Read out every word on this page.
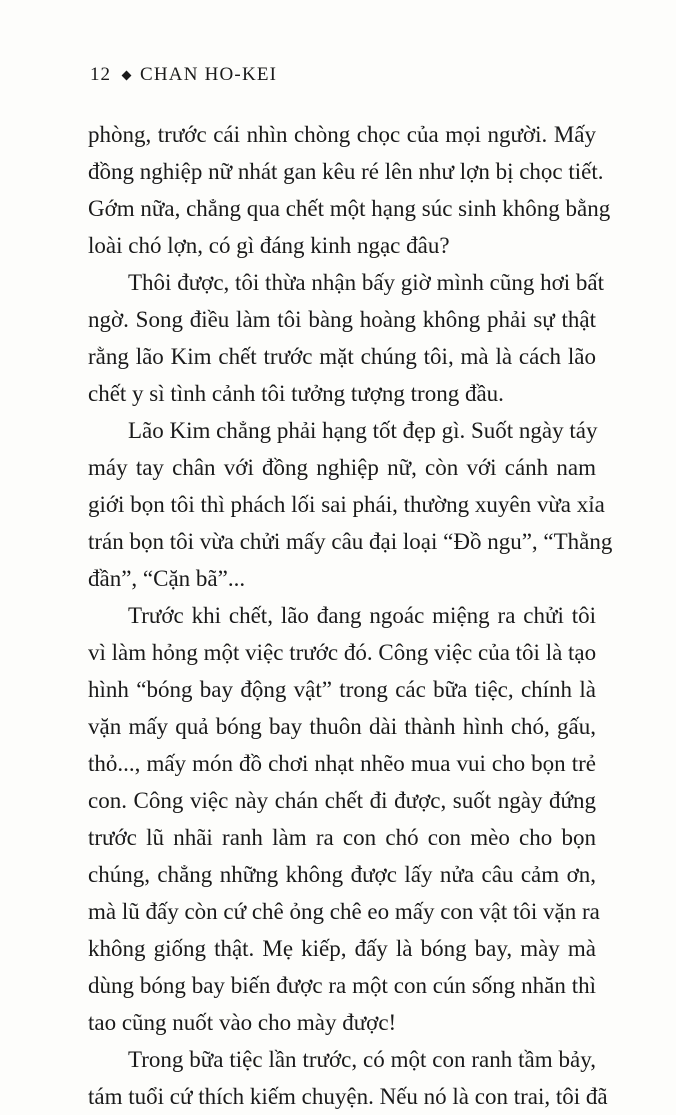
12 CHAN HO-KEI
phòng, trước cái nhìn chòng chọc của mọi người. Mấy
đồng nghiệp nữ nhát gan kêu ré lên như lợn bị chọc tiết.
Gớm nữa, chẳng qua chết một hạng súc sinh không bằng
loài chó lợn, có gì đáng kinh ngạc đâu?
Thôi được, tôi thừa nhận bấy giờ mình cũng hơi bất
ngờ. Song điều làm tôi bàng hoàng không phải sự thật
rằng lão Kim chết trước mặt chúng tôi, mà là cách lão
chết y sì tình cảnh tôi tưởng tượng trong đầu.
Lão Kim chẳng phải hạng tốt đẹp gì. Suốt ngày táy
máy tay chân với đồng nghiệp nữ, còn với cánh nam
giới bọn tôi thì phách lối sai phái, thường xuyên vừa xỉa
trán bọn tôi vừa chửi mấy câu đại loại “Đồ ngu”, “Thằng
đần”, “Cặn bã”...
Trước khi chết, lão đang ngoác miệng ra chửi tôi
vì làm hỏng một việc trước đó. Công việc của tôi là tạo
hình “bóng bay động vật” trong các bữa tiệc, chính là
vặn mấy quả bóng bay thuôn dài thành hình chó, gấu,
thỏ..., mấy món đồ chơi nhạt nhẽo mua vui cho bọn trẻ
con. Công việc này chán chết đi được, suốt ngày đứng
trước lũ nhãi ranh làm ra con chó con mèo cho bọn
chúng, chẳng những không được lấy nửa câu cảm ơn,
mà lũ đấy còn cứ chê ỏng chê eo mấy con vật tôi vặn ra
không giống thật. Mẹ kiếp, đấy là bóng bay, mày mà
dùng bóng bay biến được ra một con cún sống nhăn thì
tao cũng nuốt vào cho mày được!
Trong bữa tiệc lần trước, có một con ranh tầm bảy,
tám tuổi cứ thích kiếm chuyện. Nếu nó là con trai, tôi đã
